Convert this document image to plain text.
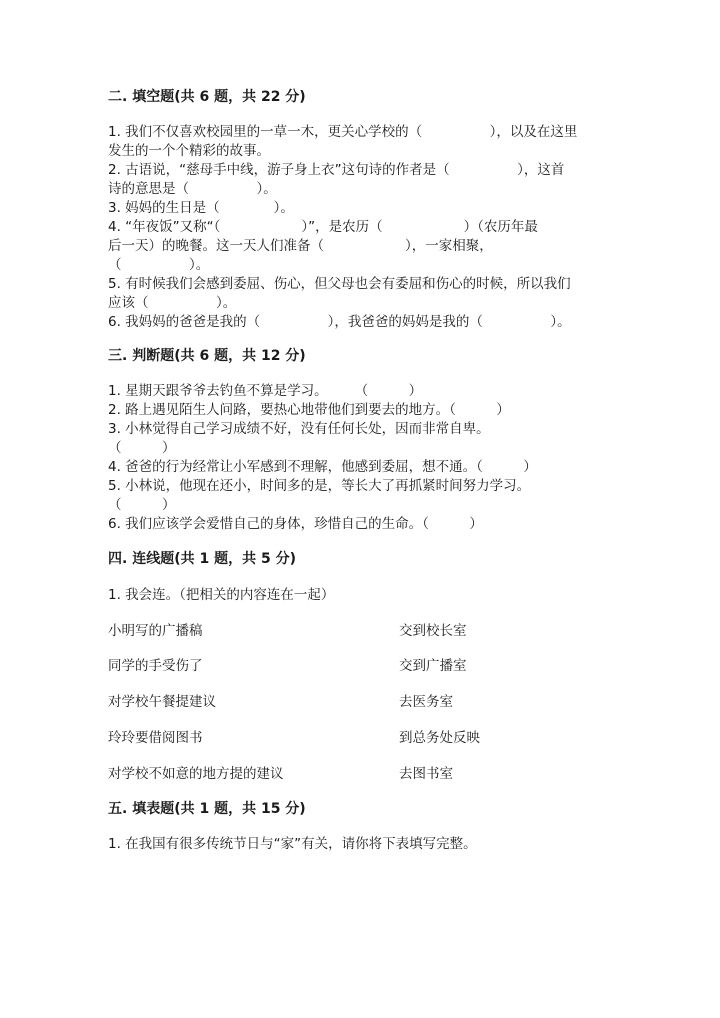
二. 填空题(共 6 题，共 22 分)
1. 我们不仅喜欢校园里的一草一木，更关心学校的（　　　　　），以及在这里
发生的一个个精彩的故事。
2. 古语说，“慈母手中线，游子身上衣”这句诗的作者是（　　　　　），这首
诗的意思是（　　　　　）。
3. 妈妈的生日是（　　　　）。
4. “年夜饭”又称“（　　　　　　）”，是农历（　　　　　　）（农历年最
后一天）的晚餐。这一天人们准备（　　　　　　），一家相聚，
（　　　　　）。
5. 有时候我们会感到委屈、伤心，但父母也会有委屈和伤心的时候，所以我们
应该（　　　　　）。
6. 我妈妈的爸爸是我的（　　　　　），我爸爸的妈妈是我的（　　　　　）。
三. 判断题(共 6 题，共 12 分)
1. 星期天跟爷爷去钓鱼不算是学习。　　　（　　　）
2. 路上遇见陌生人问路，要热心地带他们到要去的地方。（　　　）
3. 小林觉得自己学习成绩不好，没有任何长处，因而非常自卑。
（　　　）
4. 爸爸的行为经常让小军感到不理解，他感到委屈，想不通。（　　　）
5. 小林说，他现在还小，时间多的是，等长大了再抓紧时间努力学习。
（　　　）
6. 我们应该学会爱惜自己的身体，珍惜自己的生命。（　　　）
四. 连线题(共 1 题，共 5 分)
1. 我会连。（把相关的内容连在一起）
小明写的广播稿	交到校长室
同学的手受伤了	交到广播室
对学校午餐提建议	去医务室
玲玲要借阅图书	到总务处反映
对学校不如意的地方提的建议	去图书室
五. 填表题(共 1 题，共 15 分)
1. 在我国有很多传统节日与“家”有关，请你将下表填写完整。
